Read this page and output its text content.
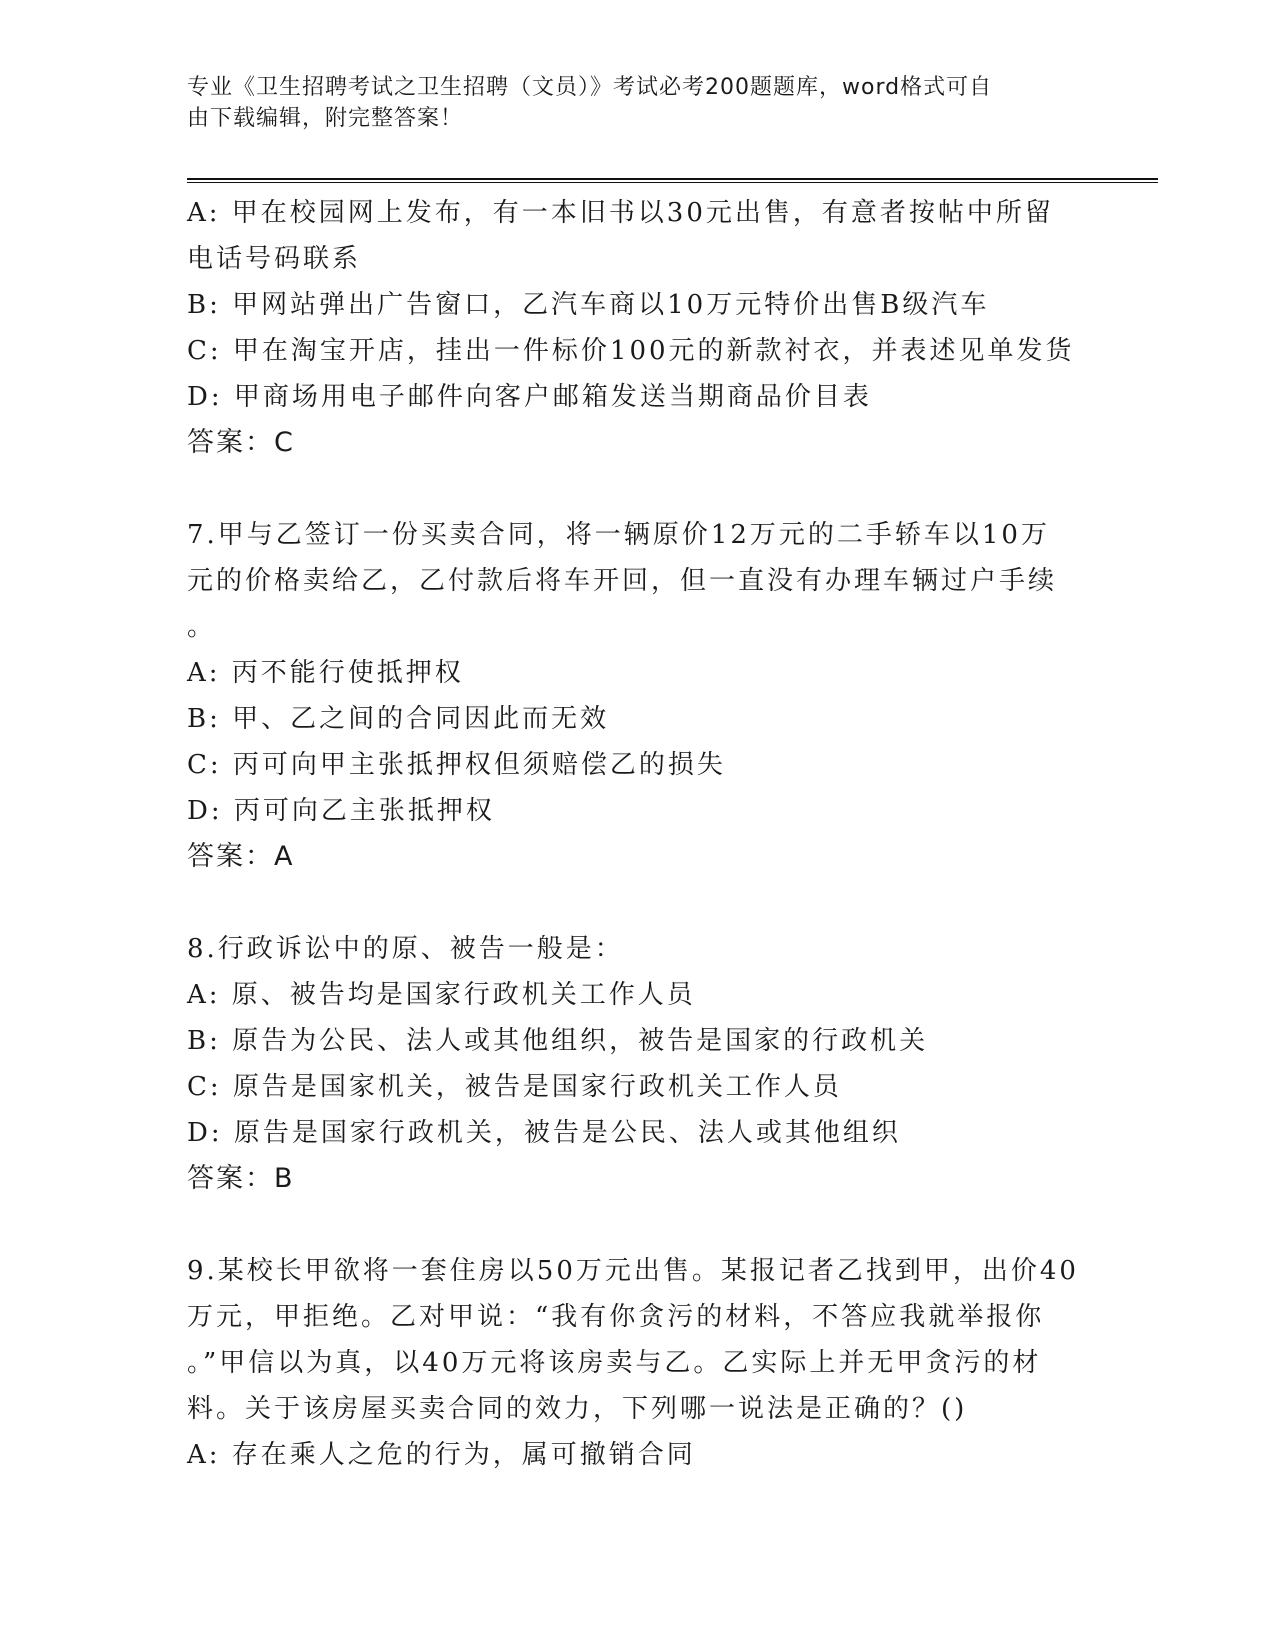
专业《卫生招聘考试之卫生招聘（文员）》考试必考200题题库，word格式可自
由下载编辑，附完整答案！
A: 甲在校园网上发布，有一本旧书以30元出售，有意者按帖中所留
电话号码联系
B: 甲网站弹出广告窗口，乙汽车商以10万元特价出售B级汽车
C: 甲在淘宝开店，挂出一件标价100元的新款衬衣，并表述见单发货
D: 甲商场用电子邮件向客户邮箱发送当期商品价目表
答案：C
7.甲与乙签订一份买卖合同，将一辆原价12万元的二手轿车以10万
元的价格卖给乙，乙付款后将车开回，但一直没有办理车辆过户手续
。
A: 丙不能行使抵押权
B: 甲、乙之间的合同因此而无效
C: 丙可向甲主张抵押权但须赔偿乙的损失
D: 丙可向乙主张抵押权
答案：A
8.行政诉讼中的原、被告一般是：
A: 原、被告均是国家行政机关工作人员
B: 原告为公民、法人或其他组织，被告是国家的行政机关
C: 原告是国家机关，被告是国家行政机关工作人员
D: 原告是国家行政机关，被告是公民、法人或其他组织
答案：B
9.某校长甲欲将一套住房以50万元出售。某报记者乙找到甲，出价40
万元，甲拒绝。乙对甲说：“我有你贪污的材料，不答应我就举报你
。”甲信以为真，以40万元将该房卖与乙。乙实际上并无甲贪污的材
料。关于该房屋买卖合同的效力，下列哪一说法是正确的？()
A: 存在乘人之危的行为，属可撤销合同
